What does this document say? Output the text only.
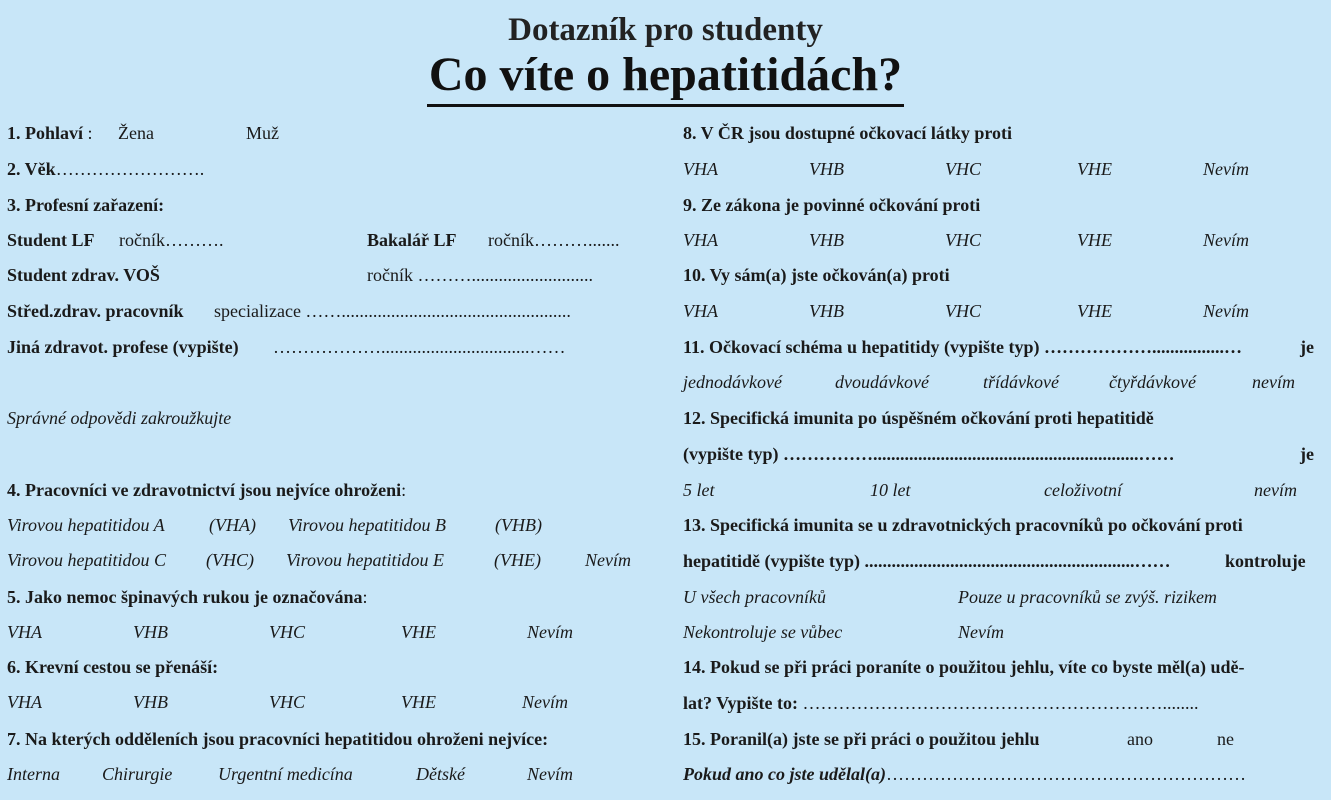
Dotazník pro studenty
Co víte o hepatitidách?
1. Pohlaví : Žena	Muž
2. Věk…………………….
3. Profesní zařazení:
Student LF ročník……….	Bakalář LF ročník……….......
Student zdrav. VOŠ	ročník ………...........................
Střed.zdrav. pracovník specializace ……...................................................
Jiná zdravot. profese (vypište) ……………….................................……
Správné odpovědi zakroužkujte
4. Pracovníci ve zdravotnictví jsou nejvíce ohroženi:
Virovou hepatitidou A (VHA) Virovou hepatitidou B	(VHB)
Virovou hepatitidou C (VHC) Virovou hepatitidou E	(VHE) Nevím
5. Jako nemoc špinavých rukou je označována:
VHA	VHB	VHC	VHE	Nevím
6. Krevní cestou se přenáší:
VHA	VHB	VHC	VHE	Nevím
7. Na kterých odděleních jsou pracovníci hepatitidou ohroženi nejvíce:
Interna Chirurgie	Urgentní medicína	Dětské	Nevím
8. V ČR jsou dostupné očkovací látky proti
VHA	VHB	VHC	VHE	Nevím
9. Ze zákona je povinné očkování proti
VHA	VHB	VHC	VHE	Nevím
10. Vy sám(a) jste očkován(a) proti
VHA	VHB	VHC	VHE	Nevím
11. Očkovací schéma u hepatitidy (vypište typ) ………………................…	je
jednodávkové	dvoudávkové	třídávkové	čtyřdávkové	nevím
12. Specifická imunita po úspěšném očkování proti hepatitidě
(vypište typ) ……………...........................................................……	je
5 let	10 let	celoživotní	nevím
13. Specifická imunita se u zdravotnických pracovníků po očkování proti
hepatitidě (vypište typ) ............................................................……	kontroluje
U všech pracovníků	Pouze u pracovníků se zvýš. rizikem
Nekontroluje se vůbec	Nevím
14. Pokud se při práci poraníte o použitou jehlu, víte co byste měl(a) udě-
lat? Vypište to: ……………………………………………………........
15. Poranil(a) jste se při práci o použitou jehlu	ano	ne
Pokud ano co jste udělal(a)……………………………………………………
